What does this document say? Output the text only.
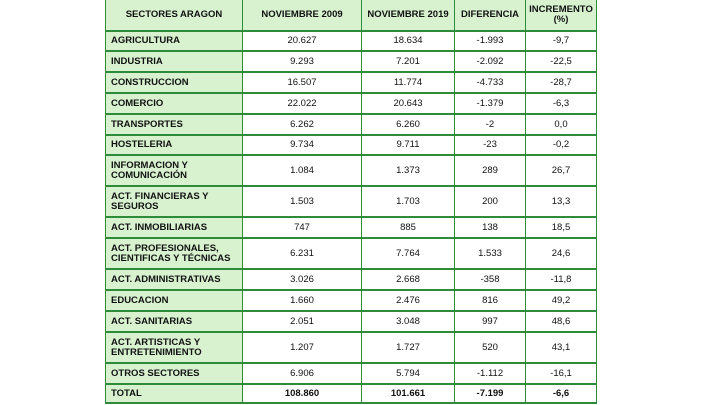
SECTORES ARAGON	NOVIEMBRE 2009	NOVIEMBRE 2019	DIFERENCIA	INCREMENTO (%)
AGRICULTURA	20.627	18.634	-1.993	-9,7
INDUSTRIA	9.293	7.201	-2.092	-22,5
CONSTRUCCION	16.507	11.774	-4.733	-28,7
COMERCIO	22.022	20.643	-1.379	-6,3
TRANSPORTES	6.262	6.260	-2	0,0
HOSTELERIA	9.734	9.711	-23	-0,2
INFORMACION Y COMUNICACIÓN	1.084	1.373	289	26,7
ACT. FINANCIERAS Y SEGUROS	1.503	1.703	200	13,3
ACT. INMOBILIARIAS	747	885	138	18,5
ACT. PROFESIONALES, CIENTIFICAS Y TÉCNICAS	6.231	7.764	1.533	24,6
ACT. ADMINISTRATIVAS	3.026	2.668	-358	-11,8
EDUCACION	1.660	2.476	816	49,2
ACT. SANITARIAS	2.051	3.048	997	48,6
ACT. ARTISTICAS Y ENTRETENIMIENTO	1.207	1.727	520	43,1
OTROS SECTORES	6.906	5.794	-1.112	-16,1
TOTAL	108.860	101.661	-7.199	-6,6
